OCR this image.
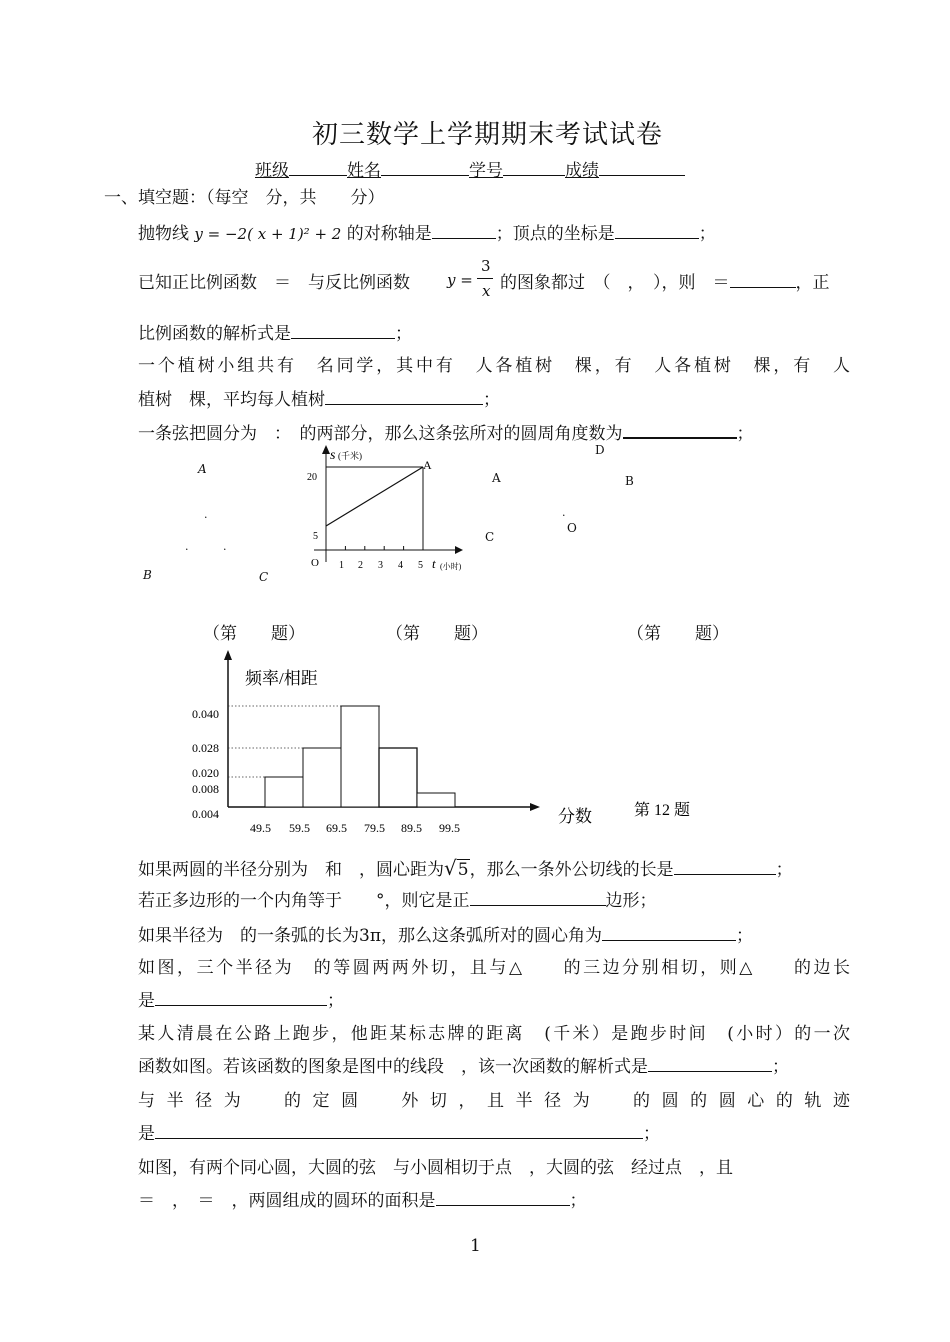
初三数学上学期期末考试试卷
班级	姓名	学号	成绩
一、填空题：（每空　分，共　　分）
抛物线 y = −2( x + 1)² + 2 的对称轴是	；顶点的坐标是	；
已知正比例函数　＝　与反比例函数 y =
3
x 的图象都过　（　，　），则　＝	，正
比例函数的解析式是	；
一个植树小组共有　名同学，其中有　人各植树　棵，有　人各植树　棵，有　人
植树　棵，平均每人植树	；
一条弦把圆分为　：　的两部分，那么这条弦所对的圆周角度数为	；
A
B	C
.
.	.
s (千米)
20
5
O
A
1 2 3 4 5 t (小时)
A
C
D
B
O
.
（第　　题）	（第　　题）	（第　　题）
频率/相距
0.040
0.028
0.020
0.008
0.004
49.5 59.5 69.5 79.5 89.5 99.5
分数	第 12 题
如果两圆的半径分别为　和　，圆心距为√5，那么一条外公切线的长是	；
若正多边形的一个内角等于　　°，则它是正	边形；
如果半径为　的一条弧的长为3π，那么这条弧所对的圆心角为	；
如图，三个半径为　的等圆两两外切，且与△　　的三边分别相切，则△　　的边长
是	；
某人清晨在公路上跑步，他距某标志牌的距离　(千米）是跑步时间　(小时）的一次
函数如图。若该函数的图象是图中的线段　，该一次函数的解析式是	；
与 半 径 为　　的 定 圆　　外 切 ， 且 半 径 为　　的 圆 的 圆 心 的 轨 迹
是	；
如图，有两个同心圆，大圆的弦　与小圆相切于点　，大圆的弦　经过点　，且
＝　，　＝　，两圆组成的圆环的面积是	；
1
